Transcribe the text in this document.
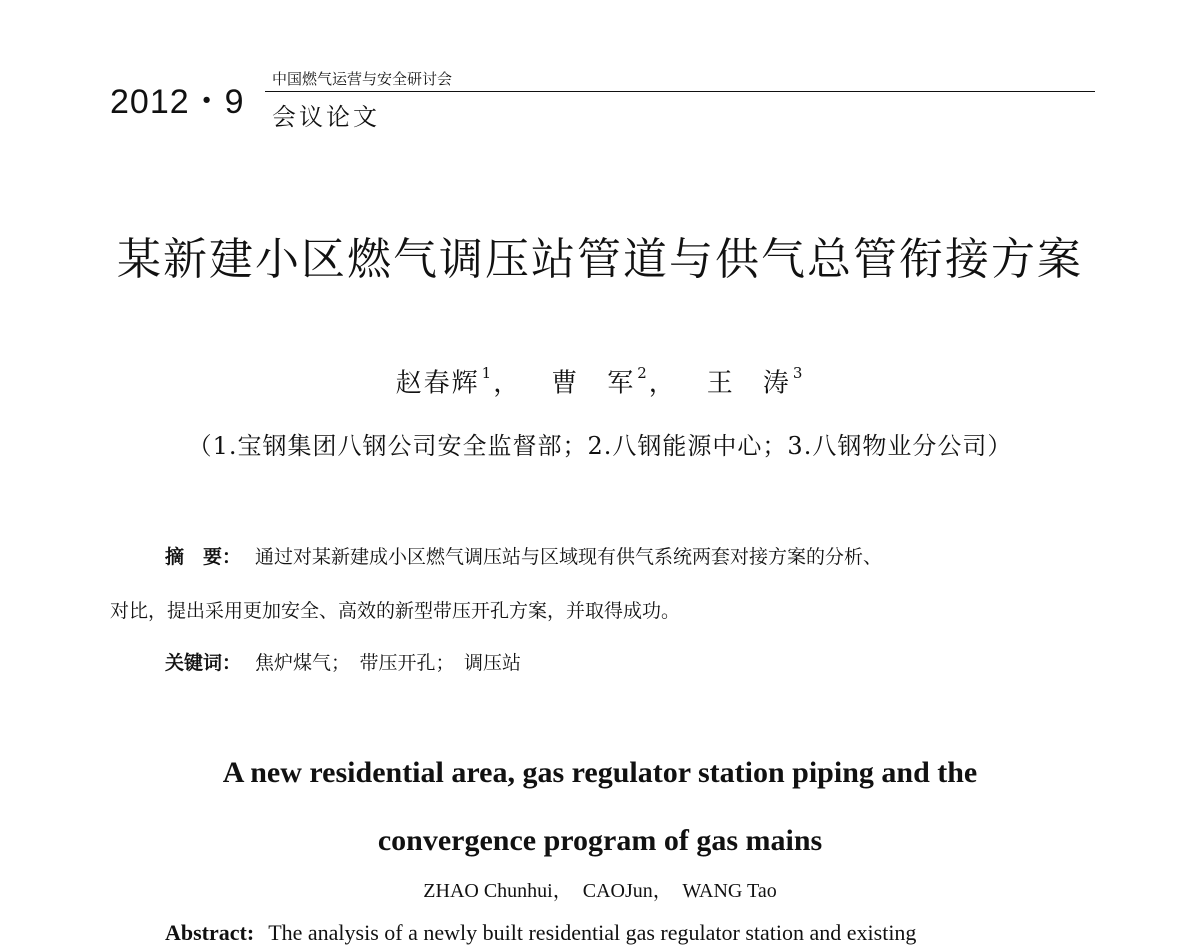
2012・9
中国燃气运营与安全研讨会
会议论文
某新建小区燃气调压站管道与供气总管衔接方案
赵春辉 $^1$， 曹　军 $^2$， 王　涛 $^3$
（1.宝钢集团八钢公司安全监督部；2.八钢能源中心；3.八钢物业分公司）
摘　要： 通过对某新建成小区燃气调压站与区域现有供气系统两套对接方案的分析、
对比，提出采用更加安全、高效的新型带压开孔方案，并取得成功。
关键词： 焦炉煤气；　带压开孔；　调压站
A new residential area, gas regulator station piping and the
convergence program of gas mains
ZHAO Chunhui，  CAOJun，  WANG Tao
Abstract: The analysis of a newly built residential gas regulator station and existing
